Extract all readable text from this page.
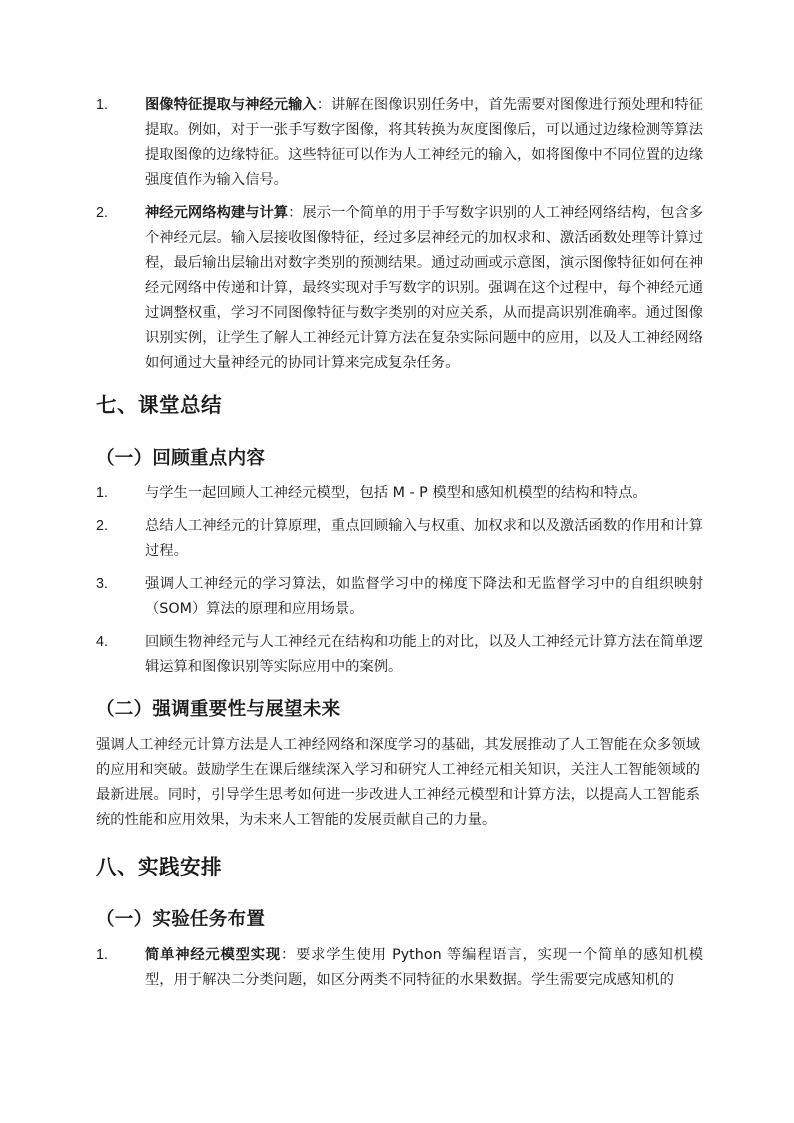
1.	图像特征提取与神经元输入：讲解在图像识别任务中，首先需要对图像进行预处理和特征提取。例如，对于一张手写数字图像，将其转换为灰度图像后，可以通过边缘检测等算法提取图像的边缘特征。这些特征可以作为人工神经元的输入，如将图像中不同位置的边缘强度值作为输入信号。
2.	神经元网络构建与计算：展示一个简单的用于手写数字识别的人工神经网络结构，包含多个神经元层。输入层接收图像特征，经过多层神经元的加权求和、激活函数处理等计算过程，最后输出层输出对数字类别的预测结果。通过动画或示意图，演示图像特征如何在神经元网络中传递和计算，最终实现对手写数字的识别。强调在这个过程中，每个神经元通过调整权重，学习不同图像特征与数字类别的对应关系，从而提高识别准确率。通过图像识别实例，让学生了解人工神经元计算方法在复杂实际问题中的应用，以及人工神经网络如何通过大量神经元的协同计算来完成复杂任务。
七、课堂总结
（一）回顾重点内容
1.	与学生一起回顾人工神经元模型，包括 M - P 模型和感知机模型的结构和特点。
2.	总结人工神经元的计算原理，重点回顾输入与权重、加权求和以及激活函数的作用和计算过程。
3.	强调人工神经元的学习算法，如监督学习中的梯度下降法和无监督学习中的自组织映射（SOM）算法的原理和应用场景。
4.	回顾生物神经元与人工神经元在结构和功能上的对比，以及人工神经元计算方法在简单逻辑运算和图像识别等实际应用中的案例。
（二）强调重要性与展望未来

强调人工神经元计算方法是人工神经网络和深度学习的基础，其发展推动了人工智能在众多领域的应用和突破。鼓励学生在课后继续深入学习和研究人工神经元相关知识，关注人工智能领域的最新进展。同时，引导学生思考如何进一步改进人工神经元模型和计算方法，以提高人工智能系统的性能和应用效果，为未来人工智能的发展贡献自己的力量。

八、实践安排
（一）实验任务布置
1.	简单神经元模型实现：要求学生使用 Python 等编程语言，实现一个简单的感知机模型，用于解决二分类问题，如区分两类不同特征的水果数据。学生需要完成感知机的
